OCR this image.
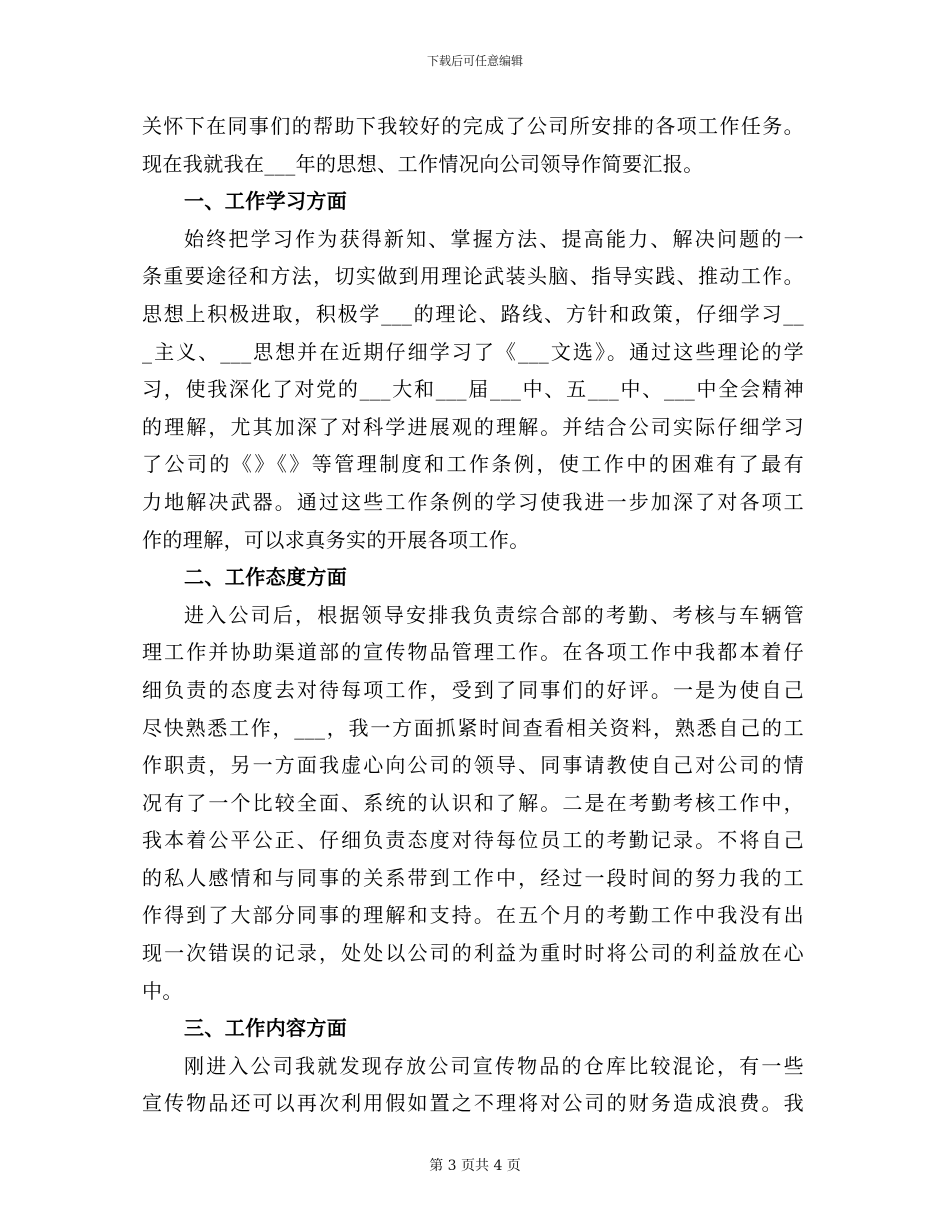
下载后可任意编辑
关怀下在同事们的帮助下我较好的完成了公司所安排的各项工作任务。
现在我就我在___年的思想、工作情况向公司领导作简要汇报。
一、工作学习方面
始终把学习作为获得新知、掌握方法、提高能力、解决问题的一
条重要途径和方法，切实做到用理论武装头脑、指导实践、推动工作。
思想上积极进取，积极学___的理论、路线、方针和政策，仔细学习__
_主义、___思想并在近期仔细学习了《___文选》。通过这些理论的学
习，使我深化了对党的___大和___届___中、五___中、___中全会精神
的理解，尤其加深了对科学进展观的理解。并结合公司实际仔细学习
了公司的《》《》等管理制度和工作条例，使工作中的困难有了最有
力地解决武器。通过这些工作条例的学习使我进一步加深了对各项工
作的理解，可以求真务实的开展各项工作。
二、工作态度方面
进入公司后，根据领导安排我负责综合部的考勤、考核与车辆管
理工作并协助渠道部的宣传物品管理工作。在各项工作中我都本着仔
细负责的态度去对待每项工作，受到了同事们的好评。一是为使自己
尽快熟悉工作，___，我一方面抓紧时间查看相关资料，熟悉自己的工
作职责，另一方面我虚心向公司的领导、同事请教使自己对公司的情
况有了一个比较全面、系统的认识和了解。二是在考勤考核工作中，
我本着公平公正、仔细负责态度对待每位员工的考勤记录。不将自己
的私人感情和与同事的关系带到工作中，经过一段时间的努力我的工
作得到了大部分同事的理解和支持。在五个月的考勤工作中我没有出
现一次错误的记录，处处以公司的利益为重时时将公司的利益放在心
中。
三、工作内容方面
刚进入公司我就发现存放公司宣传物品的仓库比较混论，有一些
宣传物品还可以再次利用假如置之不理将对公司的财务造成浪费。我
第 3 页共 4 页
